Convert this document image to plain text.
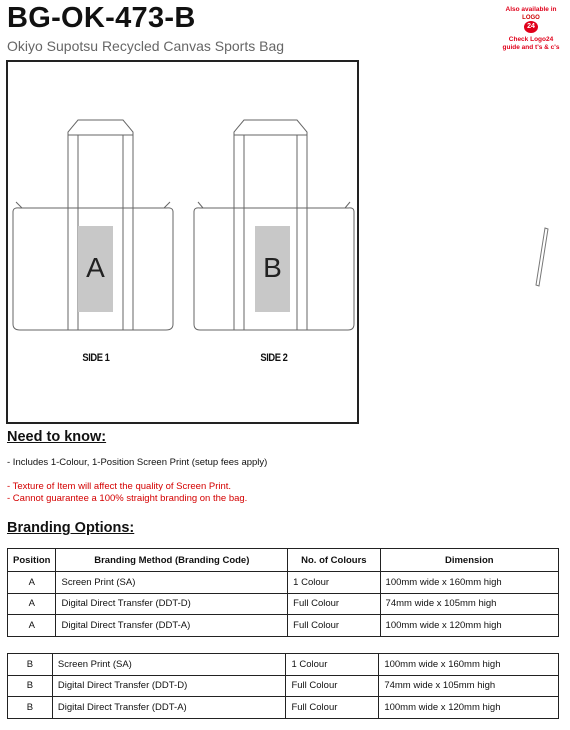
BG-OK-473-B
Okiyo Supotsu Recycled Canvas Sports Bag
Also available in
LOGO
24
Check Logo24
guide and t's & c's
A	B
SIDE 1	SIDE 2
Need to know:
- Includes 1-Colour, 1-Position Screen Print (setup fees apply)
- Texture of Item will affect the quality of Screen Print.
- Cannot guarantee a 100% straight branding on the bag.
Branding Options:
Position	Branding Method (Branding Code)	No. of Colours	Dimension
A	Screen Print (SA)	1 Colour	100mm wide x 160mm high
A	Digital Direct Transfer (DDT-D)	Full Colour	74mm wide x 105mm high
A	Digital Direct Transfer (DDT-A)	Full Colour	100mm wide x 120mm high
B	Screen Print (SA)	1 Colour	100mm wide x 160mm high
B	Digital Direct Transfer (DDT-D)	Full Colour	74mm wide x 105mm high
B	Digital Direct Transfer (DDT-A)	Full Colour	100mm wide x 120mm high
